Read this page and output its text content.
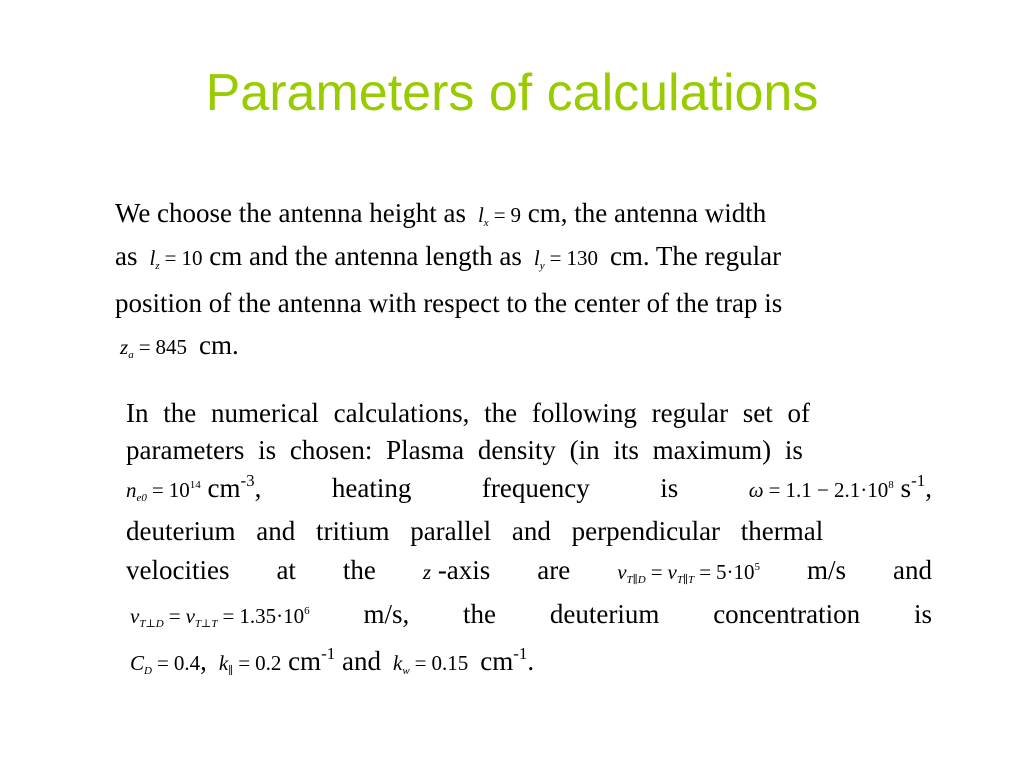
Parameters of calculations
We choose the antenna height as $l_x = 9$ cm, the antenna width
as $l_z = 10$ cm and the antenna length as $l_y = 130$ cm. The regular
position of the antenna with respect to the center of the trap is
$z_a = 845$ cm.
In the numerical calculations, the following regular set of
parameters is chosen: Plasma density (in its maximum) is
$n_{e0} = 10^{14}$ $cm^{-3}$,	heating	frequency	is	$\omega = 1.1 - 2.1\cdot 10^8$ $s^{-1}$,
deuterium and tritium parallel and perpendicular thermal
velocities at the z -axis are $v_{T\parallel D} = v_{T\parallel T} = 5\cdot 10^5$ m/s and
$v_{T\perp D} = v_{T\perp T} = 1.35\cdot 10^6$ m/s, the deuterium concentration is
$C_D = 0.4$,  $k_\parallel = 0.2$ $cm^{-1}$ and $k_w = 0.15$ $cm^{-1}$.
